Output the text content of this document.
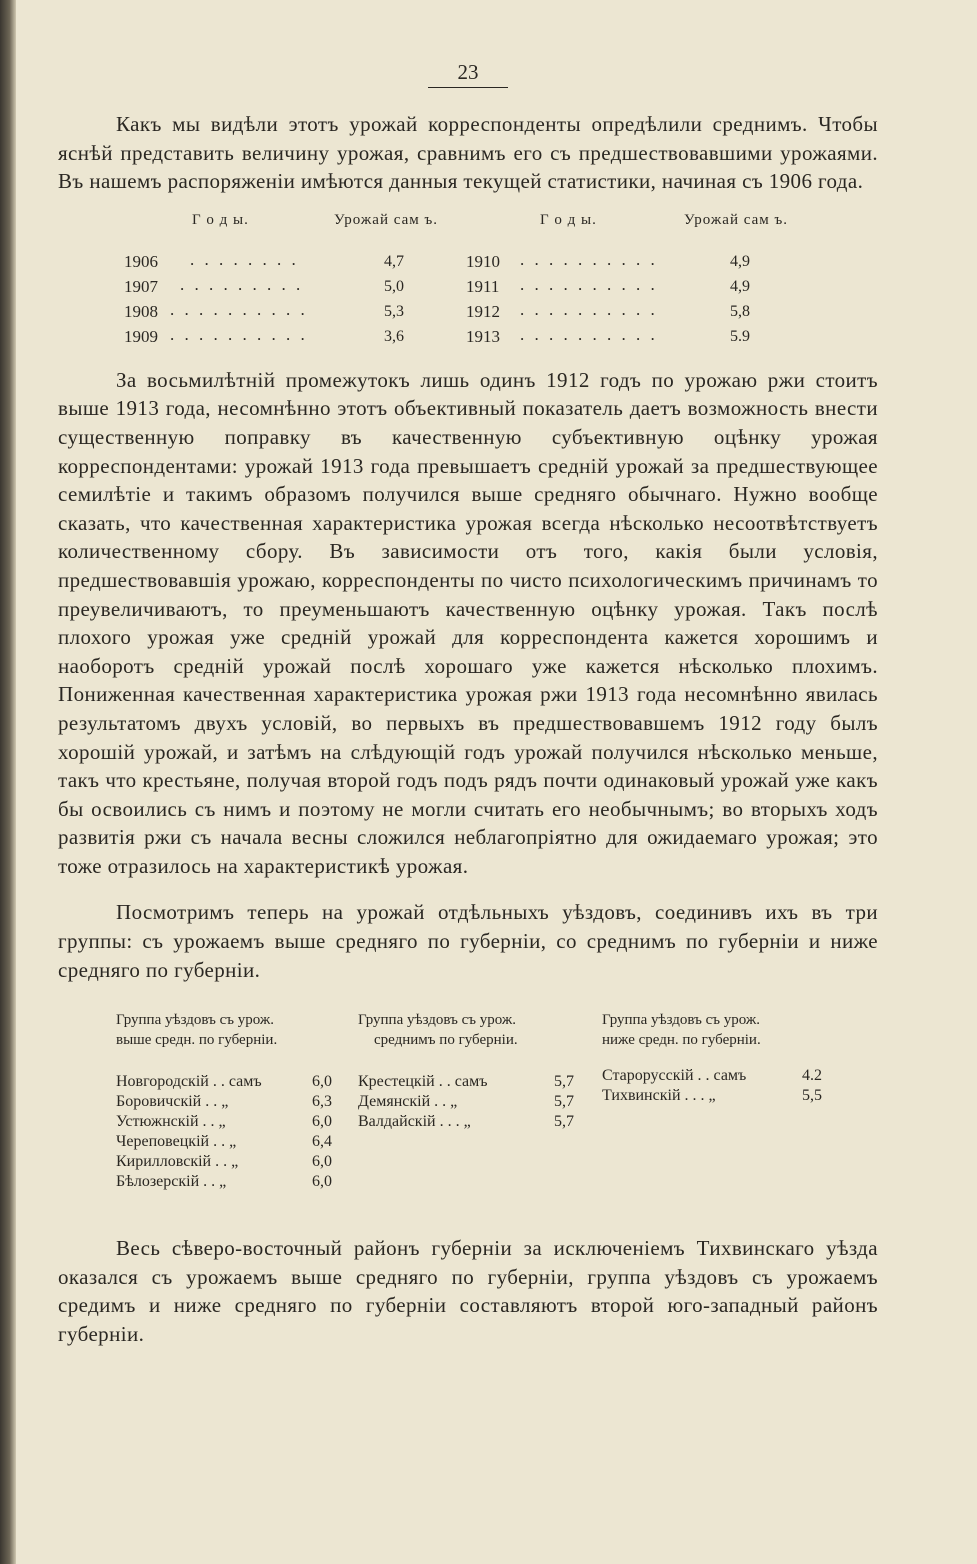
23

Какъ мы видѣли этотъ урожай корреспонденты опредѣлили среднимъ. Чтобы яснѣй представить величину урожая, сравнимъ его съ предшествовавшими урожаями. Въ нашемъ распоряженіи имѣются данныя текущей статистики, начиная съ 1906 года.

Г о д ы.	Урожай сам ъ.	Г о д ы.	Урожай сам ъ.
1906 . . . . . . . .	4,7	1910 . . . . . . . . . .	4,9
1907 . . . . . . . . .	5,0	1911 . . . . . . . . . .	4,9
1908 . . . . . . . . . .	5,3	1912 . . . . . . . . . .	5,8
1909 . . . . . . . . . .	3,6	1913 . . . . . . . . . .	5.9

За восьмилѣтній промежутокъ лишь одинъ 1912 годъ по урожаю ржи стоитъ выше 1913 года, несомнѣнно этотъ объективный показатель даетъ возможность внести существенную поправку въ качественную субъективную оцѣнку урожая корреспондентами: урожай 1913 года превышаетъ средній урожай за предшествующее семилѣтіе и такимъ образомъ получился выше средняго обычнаго. Нужно вообще сказать, что качественная характеристика урожая всегда нѣсколько несоотвѣтствуетъ количественному сбору. Въ зависимости отъ того, какія были условія, предшествовавшія урожаю, корреспонденты по чисто психологическимъ причинамъ то преувеличиваютъ, то преуменьшаютъ качественную оцѣнку урожая. Такъ послѣ плохого урожая уже средній урожай для корреспондента кажется хорошимъ и наоборотъ средній урожай послѣ хорошаго уже кажется нѣсколько плохимъ. Пониженная качественная характеристика урожая ржи 1913 года несомнѣнно явилась результатомъ двухъ условій, во первыхъ въ предшествовавшемъ 1912 году былъ хорошій урожай, и затѣмъ на слѣдующій годъ урожай получился нѣсколько меньше, такъ что крестьяне, получая второй годъ подъ рядъ почти одинаковый урожай уже какъ бы освоились съ нимъ и поэтому не могли считать его необычнымъ; во вторыхъ ходъ развитія ржи съ начала весны сложился неблагопріятно для ожидаемаго урожая; это тоже отразилось на характеристикѣ урожая.

Посмотримъ теперь на урожай отдѣльныхъ уѣздовъ, соединивъ ихъ въ три группы: съ урожаемъ выше средняго по губерніи, со среднимъ по губерніи и ниже средняго по губерніи.

Группа уѣздовъ съ урож.
выше средн. по губерніи.
Новгородскій . . самъ	6,0
Боровичскій . . „	6,3
Устюжнскій . . „	6,0
Череповецкій . . „	6,4
Кирилловскій . . „	6,0
Бѣлозерскій . . „	6,0
Группа уѣздовъ съ урож.
среднимъ по губерніи.
Крестецкій . . самъ	5,7
Демянскій . . „	5,7
Валдайскій . . . „	5,7
Группа уѣздовъ съ урож.
ниже средн. по губерніи.
Старорусскій . . самъ	4.2
Тихвинскій . . . „	5,5

Весь сѣверо-восточный районъ губерніи за исключеніемъ Тихвинскаго уѣзда оказался съ урожаемъ выше средняго по губерніи, группа уѣздовъ съ урожаемъ средимъ и ниже средняго по губерніи составляютъ второй юго-западный районъ губерніи.
